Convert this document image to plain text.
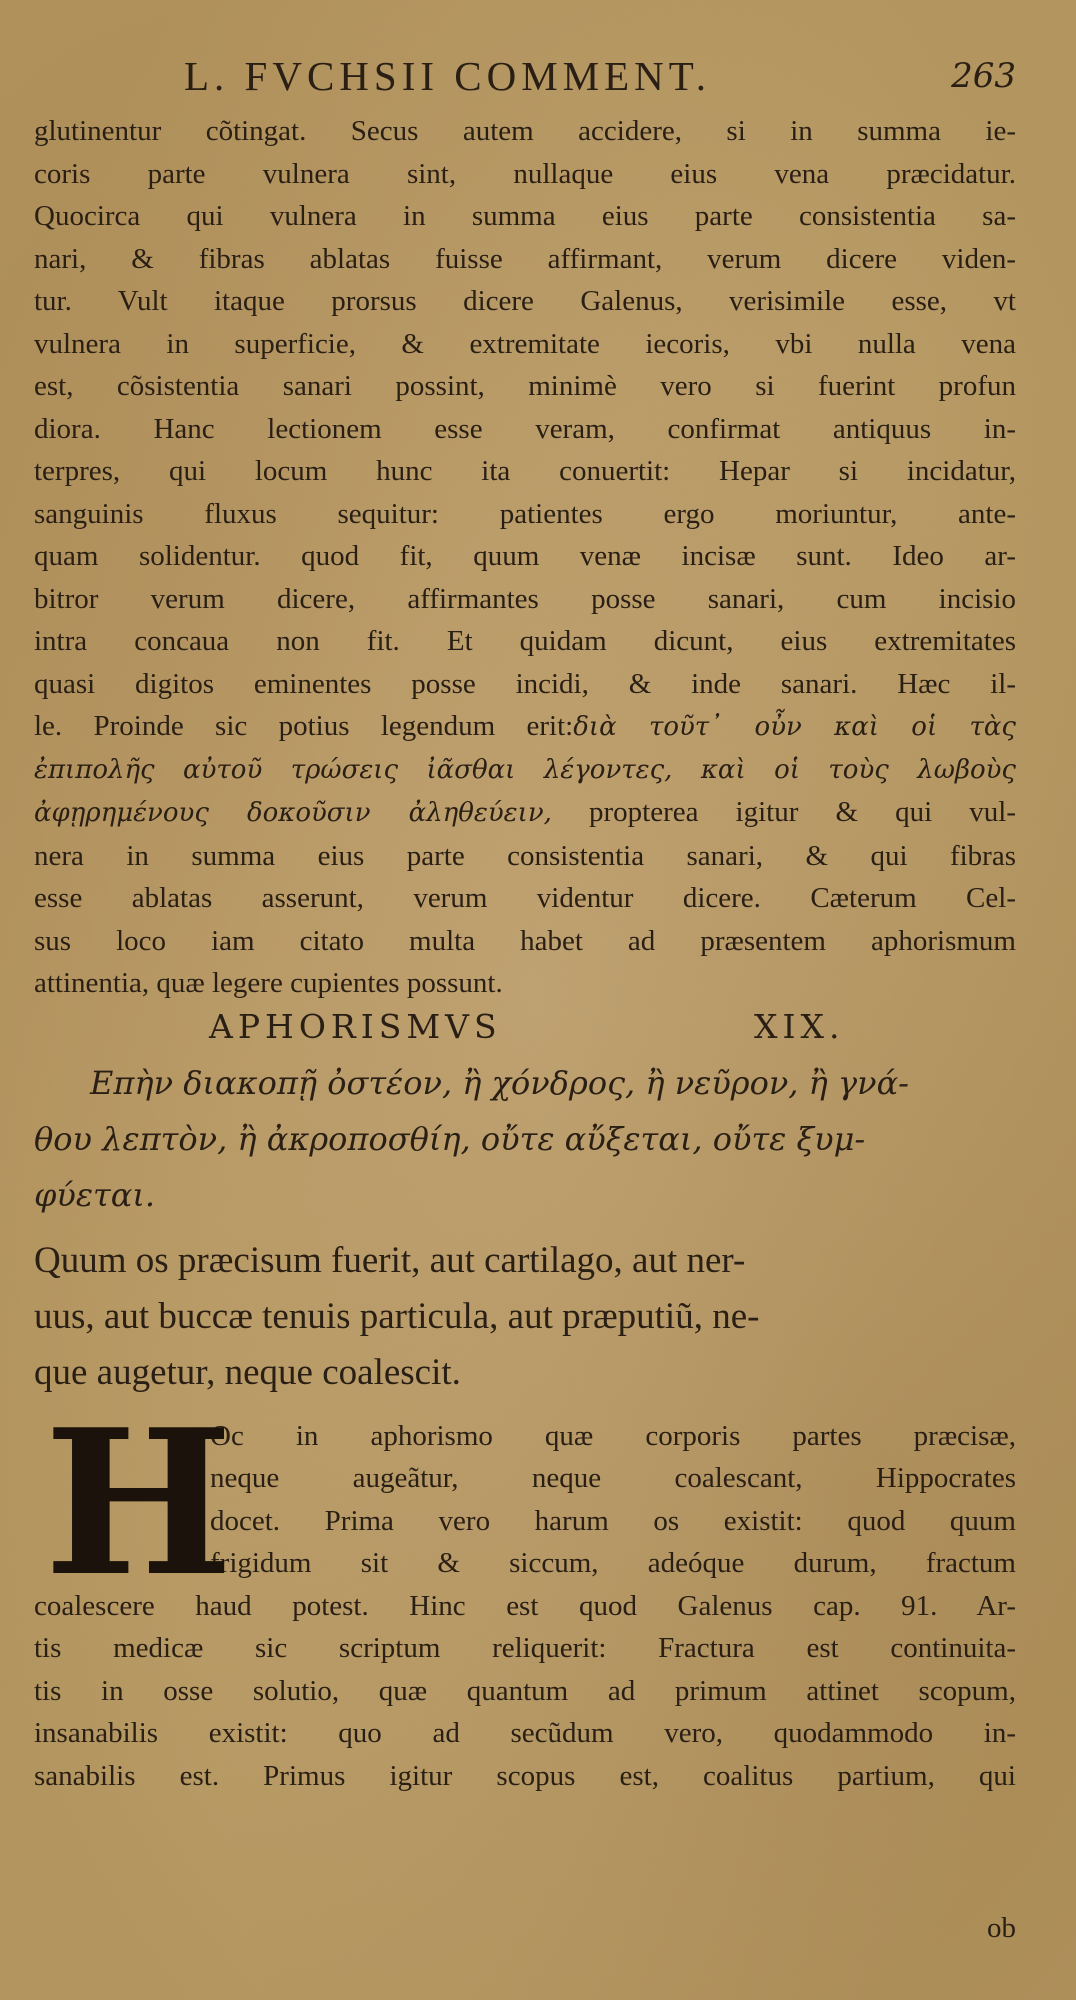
L. FVCHSII COMMENT.	263
glutinentur cõtingat. Secus autem accidere, si in summa ie-
coris parte vulnera sint, nullaque eius vena præcidatur.
Quocirca qui vulnera in summa eius parte consistentia sa-
nari, & fibras ablatas fuisse affirmant, verum dicere viden-
tur. Vult itaque prorsus dicere Galenus, verisimile esse, vt
vulnera in superficie, & extremitate iecoris, vbi nulla vena
est, cõsistentia sanari possint, minimè vero si fuerint profun
diora. Hanc lectionem esse veram, confirmat antiquus in-
terpres, qui locum hunc ita conuertit: Hepar si incidatur,
sanguinis fluxus sequitur: patientes ergo moriuntur, ante-
quam solidentur. quod fit, quum venæ incisæ sunt. Ideo ar-
bitror verum dicere, affirmantes posse sanari, cum incisio
intra concaua non fit. Et quidam dicunt, eius extremitates
quasi digitos eminentes posse incidi, & inde sanari. Hæc il-
le. Proinde sic potius legendum erit:διὰ τοῦτ᾽ οὖν καὶ οἱ τὰς
ἐπιπολῆς αὐτοῦ τρώσεις ἰᾶσθαι λέγοντες, καὶ οἱ τοὺς λωβοὺς
ἀφῃρημένους δοκοῦσιν ἀληθεύειν, propterea igitur & qui vul-
nera in summa eius parte consistentia sanari, & qui fibras
esse ablatas asserunt, verum videntur dicere. Cæterum Cel-
sus loco iam citato multa habet ad præsentem aphorismum
attinentia, quæ legere cupientes possunt.
APHORISMVS	XIX.
Επὴν διακοπῇ ὀστέον, ἢ χόνδρος, ἢ νεῦρον, ἢ γνά-
θου λεπτὸν, ἢ ἀκροποσθίη, οὔτε αὔξεται, οὔτε ξυμ-
φύεται.
Quum os præcisum fuerit, aut cartilago, aut ner-
uus, aut buccæ tenuis particula, aut præputiũ, ne-
que augetur, neque coalescit.
H
Oc in aphorismo quæ corporis partes præcisæ,
neque augeãtur, neque coalescant, Hippocrates
docet. Prima vero harum os existit: quod quum
frigidum sit & siccum, adeóque durum, fractum
coalescere haud potest. Hinc est quod Galenus cap. 91. Ar-
tis medicæ sic scriptum reliquerit: Fractura est continuita-
tis in osse solutio, quæ quantum ad primum attinet scopum,
insanabilis existit: quo ad secũdum vero, quodammodo in-
sanabilis est. Primus igitur scopus est, coalitus partium, qui
ob
